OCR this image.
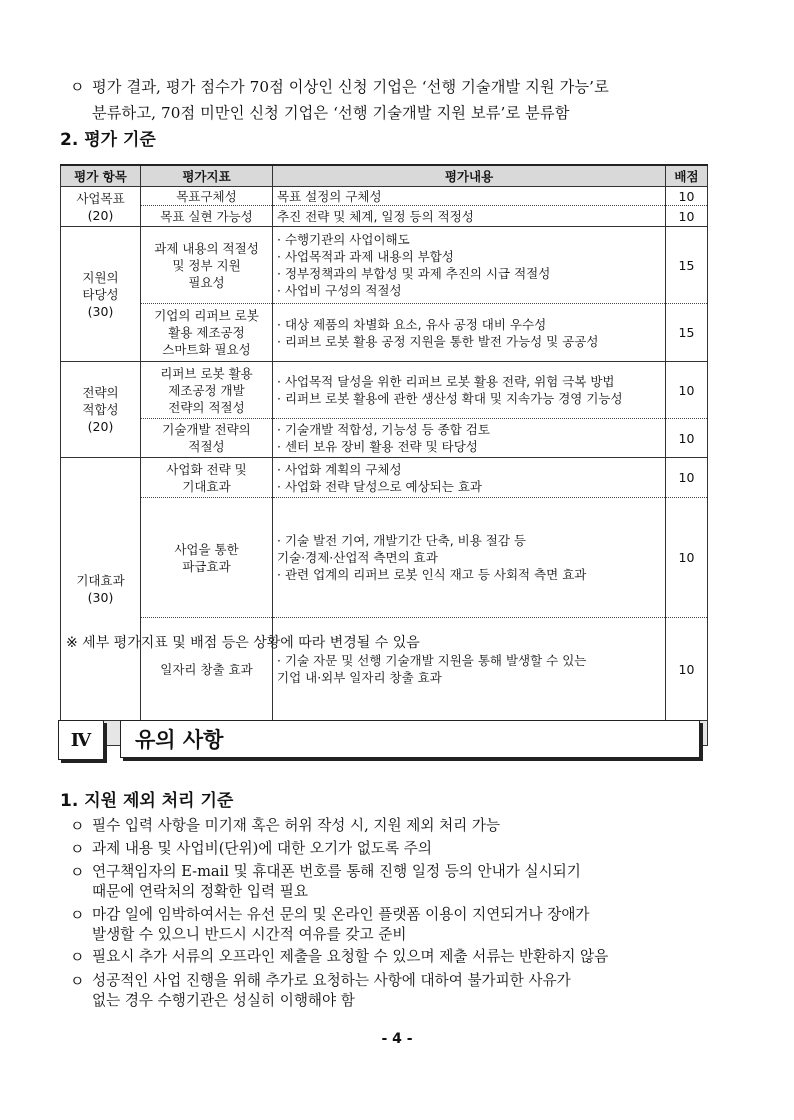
ㅇ 평가 결과, 평가 점수가 70점 이상인 신청 기업은 ‘선행 기술개발 지원 가능’로
분류하고, 70점 미만인 신청 기업은 ‘선행 기술개발 지원 보류’로 분류함
2. 평가 기준
평가 항목	평가지표	평가내용	배점

사업목표
(20)	목표구체성	목표 설정의 구체성	10

	목표 실현 가능성	추진 전략 및 체계, 일정 등의 적정성	10

지원의
타당성
(30)	과제 내용의 적절성
및 정부 지원
필요성	· 수행기관의 사업이해도
· 사업목적과 과제 내용의 부합성
· 정부정책과의 부합성 및 과제 추진의 시급 적절성
· 사업비 구성의 적절성	15

	기업의 리퍼브 로봇
활용 제조공정
스마트화 필요성	· 대상 제품의 차별화 요소, 유사 공정 대비 우수성
· 리퍼브 로봇 활용 공정 지원을 통한 발전 가능성 및 공공성	15

전략의
적합성
(20)	리퍼브 로봇 활용
제조공정 개발
전략의 적절성	· 사업목적 달성을 위한 리퍼브 로봇 활용 전략, 위험 극복 방법
· 리퍼브 로봇 활용에 관한 생산성 확대 및 지속가능 경영 기능성	10

	기술개발 전략의
적절성	· 기술개발 적합성, 기능성 등 종합 검토
· 센터 보유 장비 활용 전략 및 타당성	10

기대효과
(30)	사업화 전략 및
기대효과	· 사업화 계획의 구체성
· 사업화 전략 달성으로 예상되는 효과	10

	사업을 통한
파급효과	· 기술 발전 기여, 개발기간 단축, 비용 절감 등
기술·경제·산업적 측면의 효과
· 관련 업계의 리퍼브 로봇 인식 재고 등 사회적 측면 효과	10

	일자리 창출 효과	· 기술 자문 및 선행 기술개발 지원을 통해 발생할 수 있는
기업 내·외부 일자리 창출 효과	10

※ 세부 평가지표 및 배점 등은 상황에 따라 변경될 수 있음
Ⅳ	유의 사항
1. 지원 제외 처리 기준
ㅇ 필수 입력 사항을 미기재 혹은 허위 작성 시, 지원 제외 처리 가능
ㅇ 과제 내용 및 사업비(단위)에 대한 오기가 없도록 주의
ㅇ 연구책임자의 E-mail 및 휴대폰 번호를 통해 진행 일정 등의 안내가 실시되기
때문에 연락처의 정확한 입력 필요
ㅇ 마감 일에 임박하여서는 유선 문의 및 온라인 플랫폼 이용이 지연되거나 장애가
발생할 수 있으니 반드시 시간적 여유를 갖고 준비
ㅇ 필요시 추가 서류의 오프라인 제출을 요청할 수 있으며 제출 서류는 반환하지 않음
ㅇ 성공적인 사업 진행을 위해 추가로 요청하는 사항에 대하여 불가피한 사유가
없는 경우 수행기관은 성실히 이행해야 함
- 4 -
